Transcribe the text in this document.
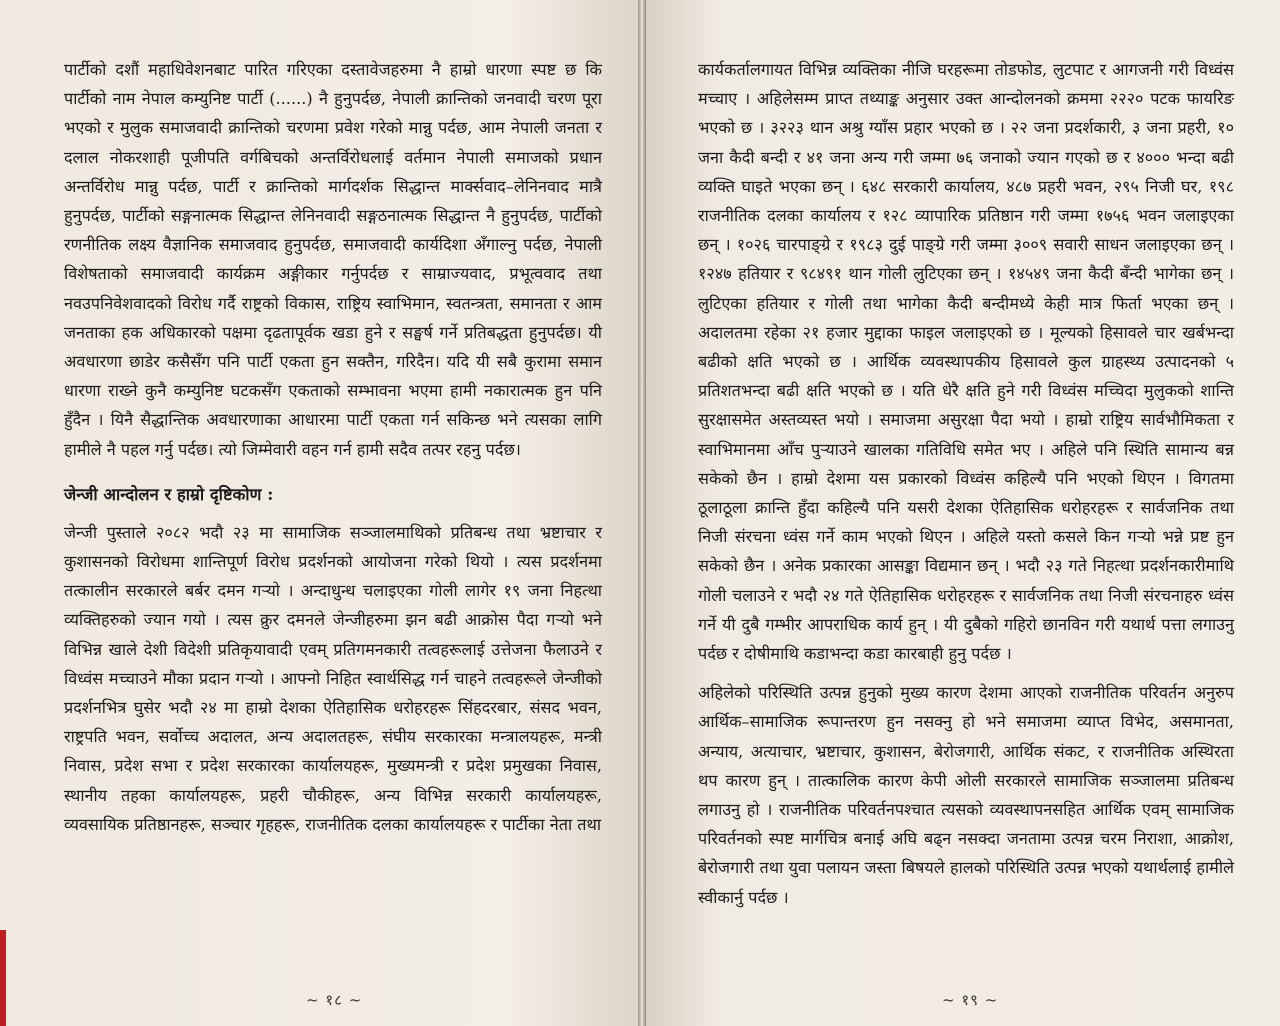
पार्टीको दशौं महाधिवेशनबाट पारित गरिएका दस्तावेजहरुमा नै हाम्रो धारणा स्पष्ट छ कि पार्टीको नाम नेपाल कम्युनिष्ट पार्टी (......) नै हुनुपर्दछ, नेपाली क्रान्तिको जनवादी चरण पूरा भएको र मुलुक समाजवादी क्रान्तिको चरणमा प्रवेश गरेको मान्नु पर्दछ, आम नेपाली जनता र दलाल नोकरशाही पूजीपति वर्गबिचको अन्तर्विरोधलाई वर्तमान नेपाली समाजको प्रधान अन्तर्विरोध मान्नु पर्दछ, पार्टी र क्रान्तिको मार्गदर्शक सिद्धान्त मार्क्सवाद–लेनिनवाद मात्रै हुनुपर्दछ, पार्टीको सङ्गनात्मक सिद्धान्त लेनिनवादी सङ्गठनात्मक सिद्धान्त नै हुनुपर्दछ, पार्टीको रणनीतिक लक्ष्य वैज्ञानिक समाजवाद हुनुपर्दछ, समाजवादी कार्यदिशा अँगाल्नु पर्दछ, नेपाली विशेषताको समाजवादी कार्यक्रम अङ्गीकार गर्नुपर्दछ र साम्राज्यवाद, प्रभूत्ववाद तथा नवउपनिवेशवादको विरोध गर्दै राष्ट्रको विकास, राष्ट्रिय स्वाभिमान, स्वतन्त्रता, समानता र आम जनताका हक अधिकारको पक्षमा दृढतापूर्वक खडा हुने र सङ्घर्ष गर्ने प्रतिबद्धता हुनुपर्दछ। यी अवधारणा छाडेर कसैसँग पनि पार्टी एकता हुन सक्तैन, गरिदैन। यदि यी सबै कुरामा समान धारणा राख्ने कुनै कम्युनिष्ट घटकसँग एकताको सम्भावना भएमा हामी नकारात्मक हुन पनि हुँदैन । यिनै सैद्धान्तिक अवधारणाका आधारमा पार्टी एकता गर्न सकिन्छ भने त्यसका लागि हामीले नै पहल गर्नु पर्दछ। त्यो जिम्मेवारी वहन गर्न हामी सदैव तत्पर रहनु पर्दछ।

जेन्जी आन्दोलन र हाम्रो दृष्टिकोण :

जेन्जी पुस्ताले २०८२ भदौ २३ मा सामाजिक सञ्जालमाथिको प्रतिबन्ध तथा भ्रष्टाचार र कुशासनको विरोधमा शान्तिपूर्ण विरोध प्रदर्शनको आयोजना गरेको थियो । त्यस प्रदर्शनमा तत्कालीन सरकारले बर्बर दमन गऱ्यो । अन्दाधुन्ध चलाइएका गोली लागेर १९ जना निहत्था व्यक्तिहरुको ज्यान गयो । त्यस क्रुर दमनले जेन्जीहरुमा झन बढी आक्रोस पैदा गऱ्यो भने विभिन्न खाले देशी विदेशी प्रतिकृयावादी एवम् प्रतिगमनकारी तत्वहरूलाई उत्तेजना फैलाउने र विध्वंस मच्चाउने मौका प्रदान गऱ्यो । आफ्नो निहित स्वार्थसिद्ध गर्न चाहने तत्वहरूले जेन्जीको प्रदर्शनभित्र घुसेर भदौ २४ मा हाम्रो देशका ऐतिहासिक धरोहरहरू सिंहदरबार, संसद भवन, राष्ट्रपति भवन, सर्वोच्च अदालत, अन्य अदालतहरू, संघीय सरकारका मन्त्रालयहरू, मन्त्री निवास, प्रदेश सभा र प्रदेश सरकारका कार्यालयहरू, मुख्यमन्त्री र प्रदेश प्रमुखका निवास, स्थानीय तहका कार्यालयहरू, प्रहरी चौकीहरू, अन्य विभिन्न सरकारी कार्यालयहरू, व्यवसायिक प्रतिष्ठानहरू, सञ्चार गृहहरू, राजनीतिक दलका कार्यालयहरू र पार्टीका नेता तथा

~ १८ ~

कार्यकर्तालगायत विभिन्न व्यक्तिका नीजि घरहरूमा तोडफोड, लुटपाट र आगजनी गरी विध्वंस मच्चाए । अहिलेसम्म प्राप्त तथ्याङ्क अनुसार उक्त आन्दोलनको क्रममा २२२० पटक फायरिङ भएको छ । ३२२३ थान अश्रु ग्याँस प्रहार भएको छ । २२ जना प्रदर्शकारी, ३ जना प्रहरी, १० जना कैदी बन्दी र ४१ जना अन्य गरी जम्मा ७६ जनाको ज्यान गएको छ र ४००० भन्दा बढी व्यक्ति घाइते भएका छन् । ६४८ सरकारी कार्यालय, ४८७ प्रहरी भवन, २९५ निजी घर, १९८ राजनीतिक दलका कार्यालय र १२८ व्यापारिक प्रतिष्ठान गरी जम्मा १७५६ भवन जलाइएका छन् । १०२६ चारपाङ्ग्रे र १९८३ दुई पाङ्ग्रे गरी जम्मा ३००९ सवारी साधन जलाइएका छन् । १२४७ हतियार र ९८४९१ थान गोली लुटिएका छन् । १४५४९ जना कैदी बँन्दी भागेका छन् । लुटिएका हतियार र गोली तथा भागेका कैदी बन्दीमध्ये केही मात्र फिर्ता भएका छन् । अदालतमा रहेका २१ हजार मुद्दाका फाइल जलाइएको छ । मूल्यको हिसावले चार खर्बभन्दा बढीको क्षति भएको छ । आर्थिक व्यवस्थापकीय हिसावले कुल ग्राहस्थ्य उत्पादनको ५ प्रतिशतभन्दा बढी क्षति भएको छ । यति धेरै क्षति हुने गरी विध्वंस मच्चिदा मुलुकको शान्ति सुरक्षासमेत अस्तव्यस्त भयो । समाजमा असुरक्षा पैदा भयो । हाम्रो राष्ट्रिय सार्वभौमिकता र स्वाभिमानमा आँच पुऱ्याउने खालका गतिविधि समेत भए । अहिले पनि स्थिति सामान्य बन्न सकेको छैन । हाम्रो देशमा यस प्रकारको विध्वंस कहिल्यै पनि भएको थिएन । विगतमा ठूलाठूला क्रान्ति हुँदा कहिल्यै पनि यसरी देशका ऐतिहासिक धरोहरहरू र सार्वजनिक तथा निजी संरचना ध्वंस गर्ने काम भएको थिएन । अहिले यस्तो कसले किन गऱ्यो भन्ने प्रष्ट हुन सकेको छैन । अनेक प्रकारका आसङ्का विद्यमान छन् । भदौ २३ गते निहत्था प्रदर्शनकारीमाथि गोली चलाउने र भदौ २४ गते ऐतिहासिक धरोहरहरू र सार्वजनिक तथा निजी संरचनाहरु ध्वंस गर्ने यी दुबै गम्भीर आपराधिक कार्य हुन् । यी दुबैको गहिरो छानविन गरी यथार्थ पत्ता लगाउनु पर्दछ र दोषीमाथि कडाभन्दा कडा कारबाही हुनु पर्दछ ।

अहिलेको परिस्थिति उत्पन्न हुनुको मुख्य कारण देशमा आएको राजनीतिक परिवर्तन अनुरुप आर्थिक–सामाजिक रूपान्तरण हुन नसक्नु हो भने समाजमा व्याप्त विभेद, असमानता, अन्याय, अत्याचार, भ्रष्टाचार, कुशासन, बेरोजगारी, आर्थिक संकट, र राजनीतिक अस्थिरता थप कारण हुन् । तात्कालिक कारण केपी ओली सरकारले सामाजिक सञ्जालमा प्रतिबन्ध लगाउनु हो । राजनीतिक परिवर्तनपश्चात त्यसको व्यवस्थापनसहित आर्थिक एवम् सामाजिक परिवर्तनको स्पष्ट मार्गचित्र बनाई अघि बढ्न नसक्दा जनतामा उत्पन्न चरम निराशा, आक्रोश, बेरोजगारी तथा युवा पलायन जस्ता बिषयले हालको परिस्थिति उत्पन्न भएको यथार्थलाई हामीले स्वीकार्नु पर्दछ ।

~ १९ ~
